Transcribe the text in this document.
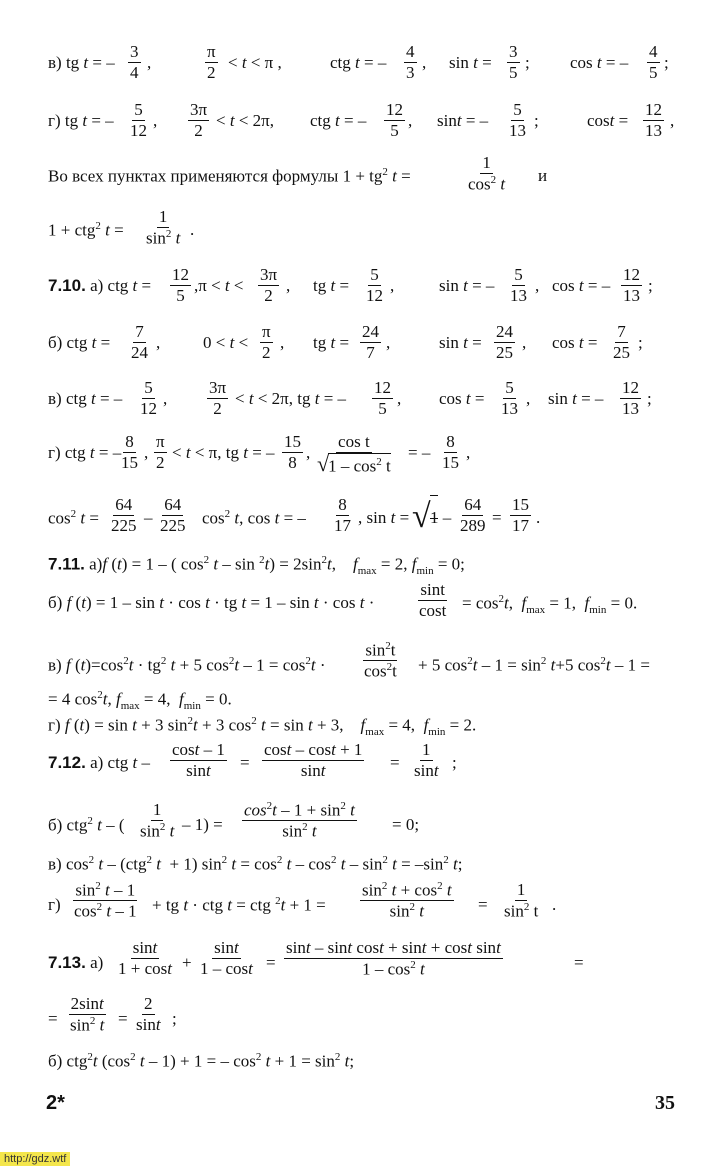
в) tg t = – $\frac{3}{4}$ ,	$\frac{\pi}{2} < t < \pi$ ,	ctg t = – $\frac{4}{3}$ , $\sin t = \frac{3}{5}$ ; cos t = – $\frac{4}{5}$ ;
г) tg t = – $\frac{5}{12}$ , $\frac{3\pi}{2} < t < 2\pi$, ctg t = – $\frac{12}{5}$ , sint = – $\frac{5}{13}$ ;	$\cos t = \frac{12}{13}$ ,
Во всех пунктах применяются формулы $1 + tg^2$ t =	$\frac{1}{\cos^2 t}$ и
1 + ctg$^2$ $t = \frac{1}{\sin^2 t}$ .
7.10. а) ctg $t = \frac{12}{5} ,\pi < t < \frac{3\pi}{2}$ , tg $t = \frac{5}{12}$ ,	sin t = – $\frac{5}{13}$ , cos t = – $\frac{12}{13}$ ;
б) ctg $t = \frac{7}{24}$ ,	$0 < t < \frac{\pi}{2}$ , tg $t = \frac{24}{7}$ ,	$\sin t = \frac{24}{25}$ , $\cos t = \frac{7}{25}$ ;
в) ctg t = – $\frac{5}{12}$ , $\frac{3\pi}{2} < t < 2\pi$, tg t = – $\frac{12}{5}$ , $\cos t = \frac{5}{13}$ , sin t = – $\frac{12}{13}$ ;
г) ctg t = –
$\frac{8}{15}$ , $\frac{\pi}{2} < t < \pi$, tg t = – $\frac{15}{8}$ , $\frac{\text{cos t}}{√ 1 - \cos^2 t}$ = – $\frac{8}{15}$ ,
$\cos^2 t = \frac{64}{225} - \frac{64}{225} \cos^2 t$, cos t = – $\frac{8}{17}$ , sin t = √

$1 - \frac{64}{289} = \frac{15}{17}$ .
7.11. а)f (t) = 1 – ( $\cos^2 t - \sin ^2t) = 2\sin^2t$,    $f_{max} = 2$, $f_{min} = 0$;
б) f (t) = 1 – sin t · cos t · tg t = 1 – sin t · cos t ·	$\frac{\sin t}{\cos t} = \cos^2t$,  $f_{max} = 1$,  $f_{min} = 0$.
в) f $(t)=\cos^2t \cdot tg^2$ t + 5 $\cos^2t - 1 = \cos^2t \cdot \frac{\sin^2t}{\cos^2t} + 5$ $\cos^2t - 1 = \sin^2 t+5$ $\cos^2t - 1$ =
= 4 $\cos^2t$, $f_{max} = 4$,  $f_{min} = 0$.
г) f (t) = sin t + 3 $\sin^2t + 3$ $\cos^2 t = \sin t + 3$,    $f_{max} = 4$,  $f_{min} = 2$.
7.12. а) ctg $t - \frac{\cos t - 1}{\sin t} = \frac{\cos t - \cos t + 1}{\sin t} = \frac{1}{\sin t}$ ;
б) ctg$^2$ t – ( $\frac{1}{\sin^2 t} - 1) = \frac{\cos^2t - 1 + \sin^2 t}{\sin^2 t} = 0$;
в) $\cos^2 t - (ctg^2$ t  + 1) $\sin^2 t = \cos^2 t - \cos^2 t - \sin^2 t = -\sin^2$ t;
$г) \frac{\sin^2 t - 1}{\cos^2 t - 1}$ + tg t · ctg t = ctg $^2t + 1 = \frac{\sin^2 t + \cos^2 t}{\sin^2 t} = \frac{1}{\sin^2 t}$ .
7.13. $а) \frac{\sin t}{1 + \cos t} + \frac{\sin t}{1 - \cos t} = \frac{\text{sint – sint cost + sint + cost sint}}{1 - \cos^2 t}$	=
= $\frac{2\sin t}{\sin^2 t} = \frac{2}{\sin t}$ ;
б) ctg$^2$t ($\cos^2$ t – 1) + 1 = – $\cos^2 t + 1 = \sin^2 t$;
2*	35
http://gdz.wtf
